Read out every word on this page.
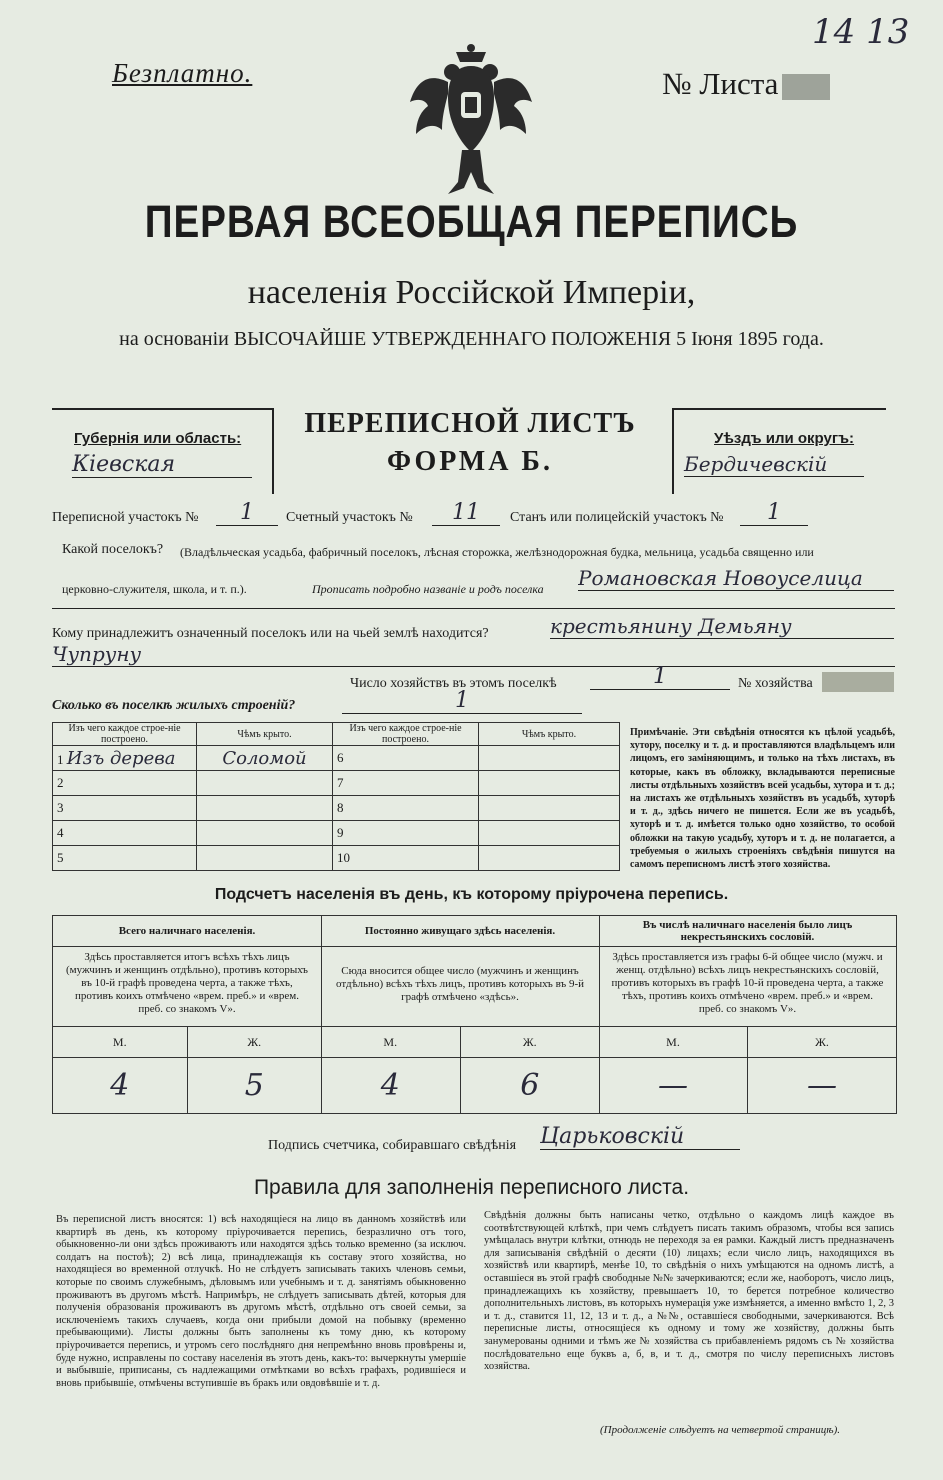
Безплатно.	№ Листа
14 13
ПЕРВАЯ ВСЕОБЩАЯ ПЕРЕПИСЬ
населенія Россійской Имперіи,
на основаніи ВЫСОЧАЙШЕ УТВЕРЖДЕННАГО ПОЛОЖЕНІЯ 5 Іюня 1895 года.
Губернія или область:
Кіевская
ПЕРЕПИСНОЙ ЛИСТЪ
ФОРМА Б.
Уѣздъ или округъ:
Бердичевскій
Переписной участокъ №	1	Счетный участокъ №	11	Станъ или полицейскій участокъ №	1
Какой поселокъ? (Владѣльческая усадьба, фабричный поселокъ, лѣсная сторожка, желѣзнодорожная будка, мельница, усадьба священно или
церковно-служителя, школа, и т. п.).	Прописать подробно названіе и родъ поселка Романовская Новоуселица
Кому принадлежитъ означенный поселокъ или на чьей землѣ находится?	крестьянину Демьяну
Чупруну
Число хозяйствъ въ этомъ поселкѣ	1	№ хозяйства
Сколько въ поселкѣ жилыхъ строеній?	1
Изъ чего каждое строе-ніе построено.	Чѣмъ крыто.	Изъ чего каждое строе-ніе построено.	Чѣмъ крыто.
1 Изъ дерева	Соломой	6	
2		7	
3		8	
4		9	
5		10	
Примѣчаніе. Эти свѣдѣнія относятся къ цѣлой усадьбѣ, хутору, поселку и т. д. и проставляются владѣльцемъ или лицомъ, его заміняющимъ, и только на тѣхъ листахъ, въ которые, какъ въ обложку, вкладываются переписные листы отдѣльныхъ хозяйствъ всей усадьбы, хутора и т. д.; на листахъ же отдѣльныхъ хозяйствъ въ усадьбѣ, хуторѣ и т. д., здѣсь ничего не пишется. Если же въ усадьбѣ, хуторѣ и т. д. имѣется только одно хозяйство, то особой обложки на такую усадьбу, хуторъ и т. д. не полагается, а требуемыя о жилыхъ строеніяхъ свѣдѣнія пишутся на самомъ переписномъ листѣ этого хозяйства.
Подсчетъ населенія въ день, къ которому пріурочена перепись.
Всего наличнаго населенія.
Здѣсь проставляется итогъ всѣхъ тѣхъ лицъ (мужчинъ и женщинъ отдѣльно), противъ которыхъ въ 10-й графѣ проведена черта, а также тѣхъ, противъ коихъ отмѣчено «врем. преб.» и «врем. преб. со знакомъ V».
М.	Ж.
4	5
Постоянно живущаго здѣсь населенія.
Сюда вносится общее число (мужчинъ и женщинъ отдѣльно) всѣхъ тѣхъ лицъ, противъ которыхъ въ 9-й графѣ отмѣчено «здѣсь».
М.	Ж.
4	6
Въ числѣ наличнаго населенія было лицъ некрестьянскихъ сословій.
Здѣсь проставляется изъ графы 6-й общее число (мужч. и женщ. отдѣльно) всѣхъ лицъ некрестьянскихъ сословій, противъ которыхъ въ графѣ 10-й проведена черта, а также тѣхъ, противъ коихъ отмѣчено «врем. преб.» и «врем. преб. со знакомъ V».
М.	Ж.
—	—
Подпись счетчика, собиравшаго свѣдѣнія Царьковскій
Правила для заполненія переписного листа.
Въ переписной листъ вносятся: 1) всѣ находящіеся на лицо въ данномъ хозяйствѣ или квартирѣ въ день, къ которому пріурочивается перепись, безразлично отъ того, обыкновенно-ли они здѣсь проживаютъ или находятся здѣсь только временно (за исключ. солдатъ на постоѣ); 2) всѣ лица, принадлежащія къ составу этого хозяйства, но находящіеся во временной отлучкѣ. Но не слѣдуетъ записывать такихъ членовъ семьи, которые по своимъ служебнымъ, дѣловымъ или учебнымъ и т. д. занятіямъ обыкновенно проживаютъ въ другомъ мѣстѣ. Напримѣръ, не слѣдуетъ записывать дѣтей, которыя для полученія образованія проживаютъ въ другомъ мѣстѣ, отдѣльно отъ своей семьи, за исключеніемъ такихъ случаевъ, когда они прибыли домой на побывку (временно пребывающими). Листы должны быть заполнены къ тому дню, къ которому пріурочивается перепись, и утромъ сего послѣдняго дня непремѣнно вновь провѣрены и, буде нужно, исправлены по составу населенія въ этотъ день, какъ-то: вычеркнуты умершіе и выбывшіе, приписаны, съ надлежащими отмѣтками во всѣхъ графахъ, родившіеся и вновь прибывшіе, отмѣчены вступившіе въ бракъ или овдовѣвшіе и т. д.
Свѣдѣнія должны быть написаны четко, отдѣльно о каждомъ лицѣ каждое въ соотвѣтствующей клѣткѣ, при чемъ слѣдуетъ писать такимъ образомъ, чтобы вся запись умѣщалась внутри клѣтки, отнюдь не переходя за ея рамки. Каждый листъ предназначенъ для записыванія свѣдѣній о десяти (10) лицахъ; если число лицъ, находящихся въ хозяйствѣ или квартирѣ, менѣе 10, то свѣдѣнія о нихъ умѣщаются на одномъ листѣ, а оставшіеся въ этой графѣ свободные №№ зачеркиваются; если же, наоборотъ, число лицъ, принадлежащихъ къ хозяйству, превышаетъ 10, то берется потребное количество дополнительныхъ листовъ, въ которыхъ нумерація уже измѣняется, а именно вмѣсто 1, 2, 3 и т. д., ставится 11, 12, 13 и т. д., а №№, оставшіеся свободными, зачеркиваются. Всѣ переписные листы, относящіеся къ одному и тому же хозяйству, должны быть занумерованы одними и тѣмъ же № хозяйства съ прибавленіемъ рядомъ съ № хозяйства послѣдовательно еще буквъ а, б, в, и т. д., смотря по числу переписныхъ листовъ хозяйства.
(Продолженіе слѣдуетъ на четвертой страницѣ).
